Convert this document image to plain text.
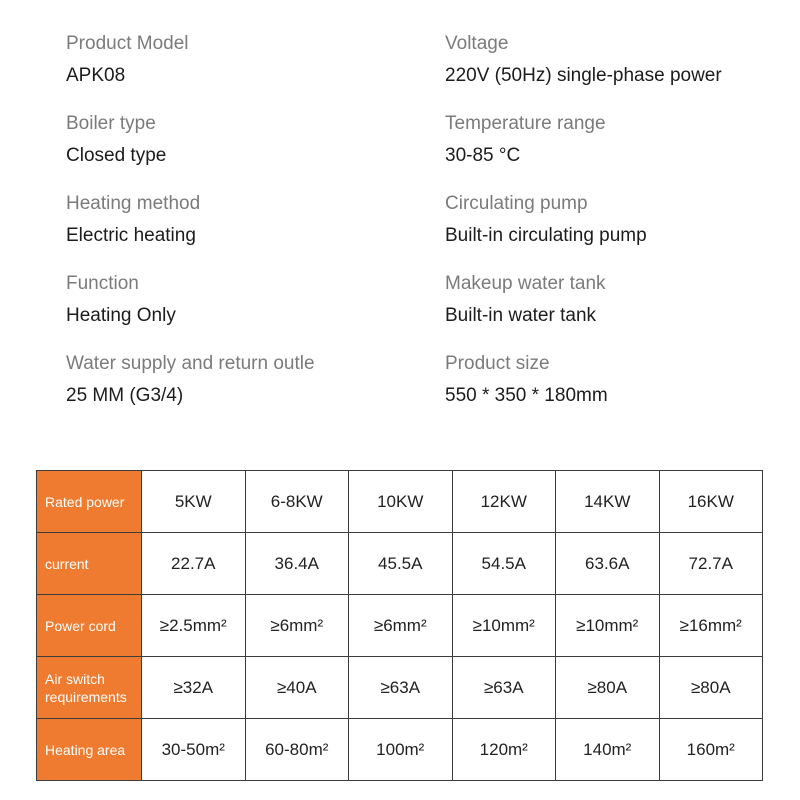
Product Model
APK08
Boiler type
Closed type
Heating method
Electric heating
Function
Heating Only
Water supply and return outle
25 MM (G3/4)
Voltage
220V (50Hz) single-phase power
Temperature range
30-85 °C
Circulating pump
Built-in circulating pump
Makeup water tank
Built-in water tank
Product size
550 * 350 * 180mm
Rated power	5KW	6-8KW	10KW	12KW	14KW	16KW
current	22.7A	36.4A	45.5A	54.5A	63.6A	72.7A
Power cord	≥2.5mm²	≥6mm²	≥6mm²	≥10mm²	≥10mm²	≥16mm²
Air switch requirements	≥32A	≥40A	≥63A	≥63A	≥80A	≥80A
Heating area	30-50m²	60-80m²	100m²	120m²	140m²	160m²
